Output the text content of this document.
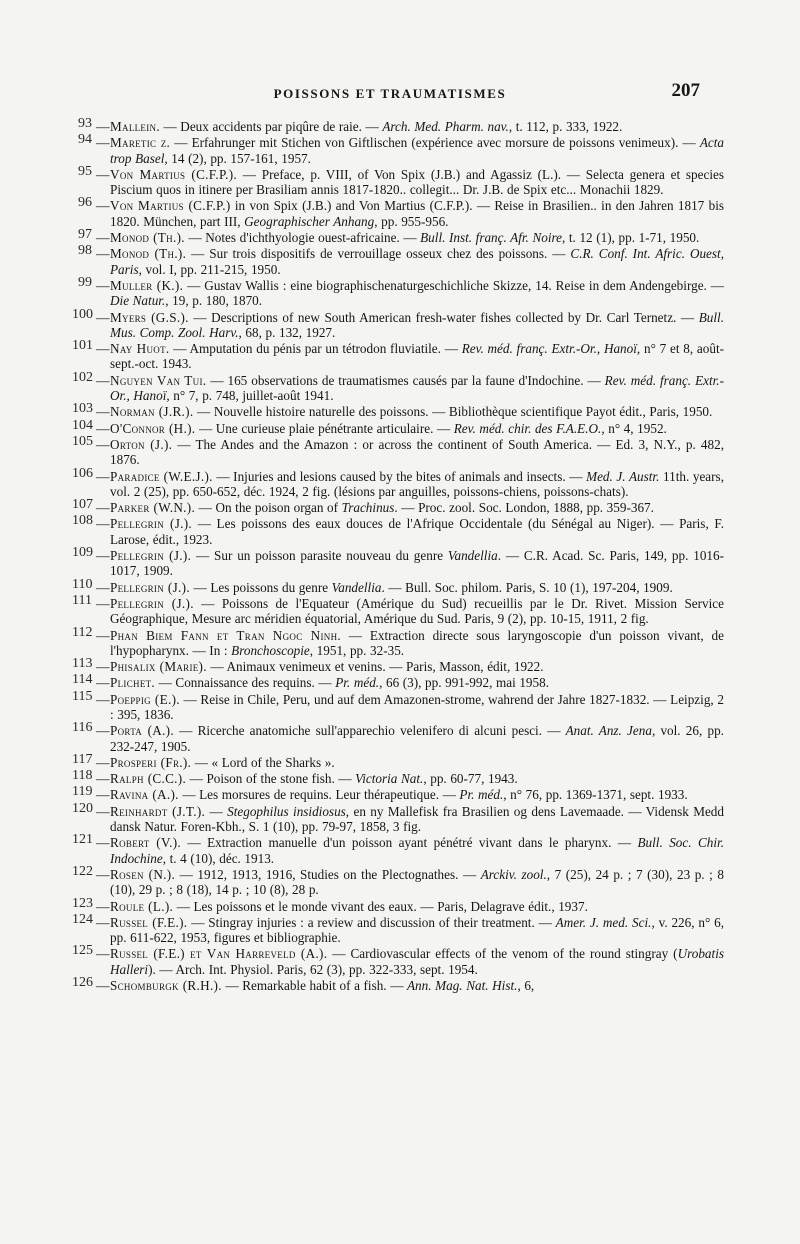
POISSONS ET TRAUMATISMES	207
93 — Mallein. — Deux accidents par piqûre de raie. — Arch. Med. Pharm. nav., t. 112, p. 333, 1922.
94 — Maretic z. — Erfahrunger mit Stichen von Giftlischen (expérience avec morsure de poissons venimeux). — Acta trop Basel, 14 (2), pp. 157-161, 1957.
95 — Von Martius (C.F.P.). — Preface, p. VIII, of Von Spix (J.B.) and Agassiz (L.). — Selecta genera et species Piscium quos in itinere per Brasiliam annis 1817-1820.. collegit... Dr. J.B. de Spix etc... Monachii 1829.
96 — Von Martius (C.F.P.) in von Spix (J.B.) and Von Martius (C.F.P.). — Reise in Brasilien.. in den Jahren 1817 bis 1820. München, part III, Geographischer Anhang, pp. 955-956.
97 — Monod (Th.). — Notes d'ichthyologie ouest-africaine. — Bull. Inst. franç. Afr. Noire, t. 12 (1), pp. 1-71, 1950.
98 — Monod (Th.). — Sur trois dispositifs de verrouillage osseux chez des poissons. — C.R. Conf. Int. Afric. Ouest, Paris, vol. I, pp. 211-215, 1950.
99 — Muller (K.). — Gustav Wallis : eine biographischenaturgeschichliche Skizze, 14. Reise in dem Andengebirge. — Die Natur., 19, p. 180, 1870.
100 — Myers (G.S.). — Descriptions of new South American fresh-water fishes collected by Dr. Carl Ternetz. — Bull. Mus. Comp. Zool. Harv., 68, p. 132, 1927.
101 — Nay Huot. — Amputation du pénis par un tétrodon fluviatile. — Rev. méd. franç. Extr.-Or., Hanoï, n° 7 et 8, août-sept.-oct. 1943.
102 — Nguyen Van Tui. — 165 observations de traumatismes causés par la faune d'Indochine. — Rev. méd. franç. Extr.-Or., Hanoï, n° 7, p. 748, juillet-août 1941.
103 — Norman (J.R.). — Nouvelle histoire naturelle des poissons. — Bibliothèque scientifique Payot édit., Paris, 1950.
104 — O'Connor (H.). — Une curieuse plaie pénétrante articulaire. — Rev. méd. chir. des F.A.E.O., n° 4, 1952.
105 — Orton (J.). — The Andes and the Amazon : or across the continent of South America. — Ed. 3, N.Y., p. 482, 1876.
106 — Paradice (W.E.J.). — Injuries and lesions caused by the bites of animals and insects. — Med. J. Austr. 11th. years, vol. 2 (25), pp. 650-652, déc. 1924, 2 fig. (lésions par anguilles, poissons-chiens, poissons-chats).
107 — Parker (W.N.). — On the poison organ of Trachinus. — Proc. zool. Soc. London, 1888, pp. 359-367.
108 — Pellegrin (J.). — Les poissons des eaux douces de l'Afrique Occidentale (du Sénégal au Niger). — Paris, F. Larose, édit., 1923.
109 — Pellegrin (J.). — Sur un poisson parasite nouveau du genre Vandellia. — C.R. Acad. Sc. Paris, 149, pp. 1016-1017, 1909.
110 — Pellegrin (J.). — Les poissons du genre Vandellia. — Bull. Soc. philom. Paris, S. 10 (1), 197-204, 1909.
111 — Pellegrin (J.). — Poissons de l'Equateur (Amérique du Sud) recueillis par le Dr. Rivet. Mission Service Géographique, Mesure arc méridien équatorial, Amérique du Sud. Paris, 9 (2), pp. 10-15, 1911, 2 fig.
112 — Phan Biem Fann et Tran Ngoc Ninh. — Extraction directe sous laryngoscopie d'un poisson vivant, de l'hypopharynx. — In : Bronchoscopie, 1951, pp. 32-35.
113 — Phisalix (Marie). — Animaux venimeux et venins. — Paris, Masson, édit, 1922.
114 — Plichet. — Connaissance des requins. — Pr. méd., 66 (3), pp. 991-992, mai 1958.
115 — Poeppig (E.). — Reise in Chile, Peru, und auf dem Amazonen-strome, wahrend der Jahre 1827-1832. — Leipzig, 2 : 395, 1836.
116 — Porta (A.). — Ricerche anatomiche sull'apparechio velenifero di alcuni pesci. — Anat. Anz. Jena, vol. 26, pp. 232-247, 1905.
117 — Prosperi (Fr.). — « Lord of the Sharks ».
118 — Ralph (C.C.). — Poison of the stone fish. — Victoria Nat., pp. 60-77, 1943.
119 — Ravina (A.). — Les morsures de requins. Leur thérapeutique. — Pr. méd., n° 76, pp. 1369-1371, sept. 1933.
120 — Reinhardt (J.T.). — Stegophilus insidiosus, en ny Mallefisk fra Brasilien og dens Lavemaade. — Vidensk Medd dansk Natur. Foren-Kbh., S. 1 (10), pp. 79-97, 1858, 3 fig.
121 — Robert (V.). — Extraction manuelle d'un poisson ayant pénétré vivant dans le pharynx. — Bull. Soc. Chir. Indochine, t. 4 (10), déc. 1913.
122 — Rosen (N.). — 1912, 1913, 1916, Studies on the Plectognathes. — Arckiv. zool., 7 (25), 24 p. ; 7 (30), 23 p. ; 8 (10), 29 p. ; 8 (18), 14 p. ; 10 (8), 28 p.
123 — Roule (L.). — Les poissons et le monde vivant des eaux. — Paris, Delagrave édit., 1937.
124 — Russel (F.E.). — Stingray injuries : a review and discussion of their treatment. — Amer. J. med. Sci., v. 226, n° 6, pp. 611-622, 1953, figures et bibliographie.
125 — Russel (F.E.) et Van Harreveld (A.). — Cardiovascular effects of the venom of the round stingray (Urobatis Halleri). — Arch. Int. Physiol. Paris, 62 (3), pp. 322-333, sept. 1954.
126 — Schomburgk (R.H.). — Remarkable habit of a fish. — Ann. Mag. Nat. Hist., 6,
